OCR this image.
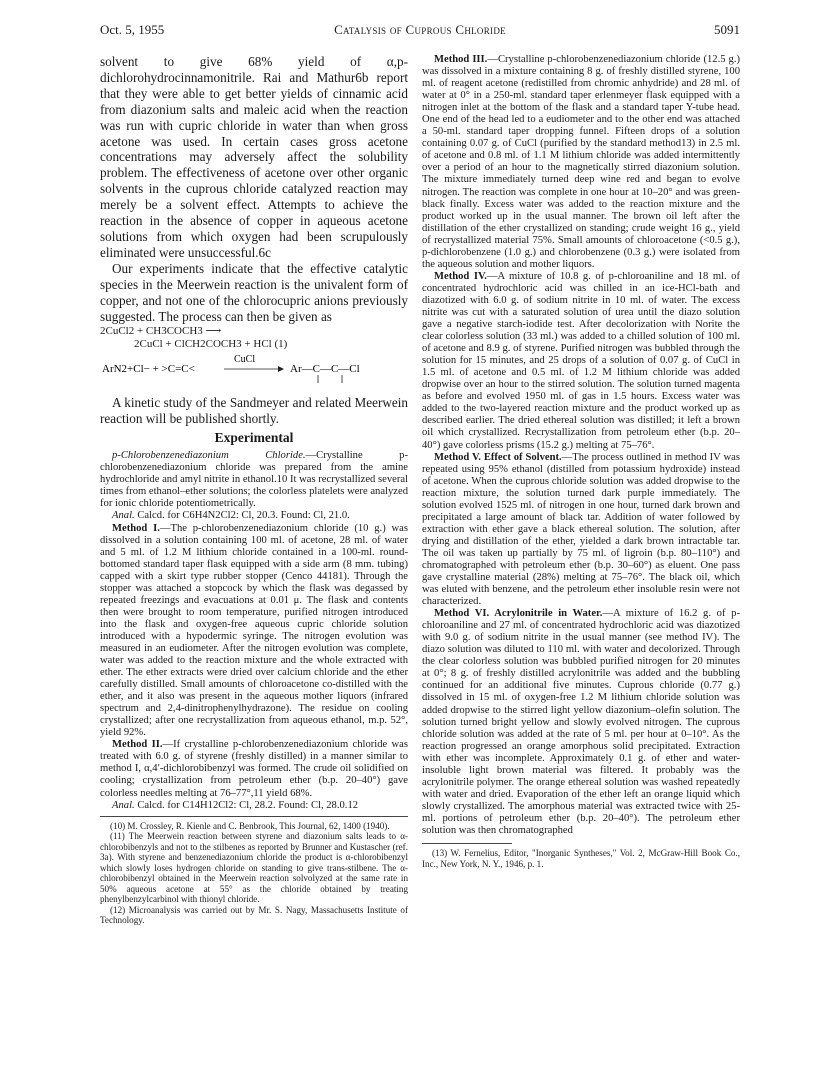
Oct. 5, 1955	Catalysis of Cuprous Chloride	5091

solvent to give 68% yield of α,p-dichlorohydrocinnamonitrile. Rai and Mathur6b report that they were able to get better yields of cinnamic acid from diazonium salts and maleic acid when the reaction was run with cupric chloride in water than when gross acetone was used. In certain cases gross acetone concentrations may adversely affect the solubility problem. The effectiveness of acetone over other organic solvents in the cuprous chloride catalyzed reaction may merely be a solvent effect. Attempts to achieve the reaction in the absence of copper in aqueous acetone solutions from which oxygen had been scrupulously eliminated were unsuccessful.6c

Our experiments indicate that the effective catalytic species in the Meerwein reaction is the univalent form of copper, and not one of the chlorocupric anions previously suggested. The process can then be given as

2CuCl2 + CH3COCH3 ⟶
2CuCl + ClCH2COCH3 + HCl (1)
ArN2+Cl− + >C=C<
CuCl
Ar—C—C—Cl

A kinetic study of the Sandmeyer and related Meerwein reaction will be published shortly.

Experimental

p-Chlorobenzenediazonium Chloride.—Crystalline p-chlorobenzenediazonium chloride was prepared from the amine hydrochloride and amyl nitrite in ethanol.10 It was recrystallized several times from ethanol–ether solutions; the colorless platelets were analyzed for ionic chloride potentiometrically.

Anal. Calcd. for C6H4N2Cl2: Cl, 20.3. Found: Cl, 21.0.

Method I.—The p-chlorobenzenediazonium chloride (10 g.) was dissolved in a solution containing 100 ml. of acetone, 28 ml. of water and 5 ml. of 1.2 M lithium chloride contained in a 100-ml. round-bottomed standard taper flask equipped with a side arm (8 mm. tubing) capped with a skirt type rubber stopper (Cenco 44181). Through the stopper was attached a stopcock by which the flask was degassed by repeated freezings and evacuations at 0.01 μ. The flask and contents then were brought to room temperature, purified nitrogen introduced into the flask and oxygen-free aqueous cupric chloride solution introduced with a hypodermic syringe. The nitrogen evolution was measured in an eudiometer. After the nitrogen evolution was complete, water was added to the reaction mixture and the whole extracted with ether. The ether extracts were dried over calcium chloride and the ether carefully distilled. Small amounts of chloroacetone co-distilled with the ether, and it also was present in the aqueous mother liquors (infrared spectrum and 2,4-dinitrophenylhydrazone). The residue on cooling crystallized; after one recrystallization from aqueous ethanol, m.p. 52°, yield 92%.

Method II.—If crystalline p-chlorobenzenediazonium chloride was treated with 6.0 g. of styrene (freshly distilled) in a manner similar to method I, α,4′-dichlorobibenzyl was formed. The crude oil solidified on cooling; crystallization from petroleum ether (b.p. 20–40°) gave colorless needles melting at 76–77°,11 yield 68%.

Anal. Calcd. for C14H12Cl2: Cl, 28.2. Found: Cl, 28.0.12

(10) M. Crossley, R. Kienle and C. Benbrook, This Journal, 62, 1400 (1940).

(11) The Meerwein reaction between styrene and diazonium salts leads to α-chlorobibenzyls and not to the stilbenes as reported by Brunner and Kustascher (ref. 3a). With styrene and benzenediazonium chloride the product is α-chlorobibenzyl which slowly loses hydrogen chloride on standing to give trans-stilbene. The α-chlorobibenzyl obtained in the Meerwein reaction solvolyzed at the same rate in 50% aqueous acetone at 55° as the chloride obtained by treating phenylbenzylcarbinol with thionyl chloride.

(12) Microanalysis was carried out by Mr. S. Nagy, Massachusetts Institute of Technology.

Method III.—Crystalline p-chlorobenzenediazonium chloride (12.5 g.) was dissolved in a mixture containing 8 g. of freshly distilled styrene, 100 ml. of reagent acetone (redistilled from chromic anhydride) and 28 ml. of water at 0° in a 250-ml. standard taper erlenmeyer flask equipped with a nitrogen inlet at the bottom of the flask and a standard taper Y-tube head. One end of the head led to a eudiometer and to the other end was attached a 50-ml. standard taper dropping funnel. Fifteen drops of a solution containing 0.07 g. of CuCl (purified by the standard method13) in 2.5 ml. of acetone and 0.8 ml. of 1.1 M lithium chloride was added intermittently over a period of an hour to the magnetically stirred diazonium solution. The mixture immediately turned deep wine red and began to evolve nitrogen. The reaction was complete in one hour at 10–20° and was green-black finally. Excess water was added to the reaction mixture and the product worked up in the usual manner. The brown oil left after the distillation of the ether crystallized on standing; crude weight 16 g., yield of recrystallized material 75%. Small amounts of chloroacetone (<0.5 g.), p-dichlorobenzene (1.0 g.) and chlorobenzene (0.3 g.) were isolated from the aqueous solution and mother liquors.

Method IV.—A mixture of 10.8 g. of p-chloroaniline and 18 ml. of concentrated hydrochloric acid was chilled in an ice-HCl-bath and diazotized with 6.0 g. of sodium nitrite in 10 ml. of water. The excess nitrite was cut with a saturated solution of urea until the diazo solution gave a negative starch-iodide test. After decolorization with Norite the clear colorless solution (33 ml.) was added to a chilled solution of 100 ml. of acetone and 8.9 g. of styrene. Purified nitrogen was bubbled through the solution for 15 minutes, and 25 drops of a solution of 0.07 g. of CuCl in 1.5 ml. of acetone and 0.5 ml. of 1.2 M lithium chloride was added dropwise over an hour to the stirred solution. The solution turned magenta as before and evolved 1950 ml. of gas in 1.5 hours. Excess water was added to the two-layered reaction mixture and the product worked up as described earlier. The dried ethereal solution was distilled; it left a brown oil which crystallized. Recrystallization from petroleum ether (b.p. 20–40°) gave colorless prisms (15.2 g.) melting at 75–76°.

Method V. Effect of Solvent.—The process outlined in method IV was repeated using 95% ethanol (distilled from potassium hydroxide) instead of acetone. When the cuprous chloride solution was added dropwise to the reaction mixture, the solution turned dark purple immediately. The solution evolved 1525 ml. of nitrogen in one hour, turned dark brown and precipitated a large amount of black tar. Addition of water followed by extraction with ether gave a black ethereal solution. The solution, after drying and distillation of the ether, yielded a dark brown intractable tar. The oil was taken up partially by 75 ml. of ligroin (b.p. 80–110°) and chromatographed with petroleum ether (b.p. 30–60°) as eluent. One pass gave crystalline material (28%) melting at 75–76°. The black oil, which was eluted with benzene, and the petroleum ether insoluble resin were not characterized.

Method VI. Acrylonitrile in Water.—A mixture of 16.2 g. of p-chloroaniline and 27 ml. of concentrated hydrochloric acid was diazotized with 9.0 g. of sodium nitrite in the usual manner (see method IV). The diazo solution was diluted to 110 ml. with water and decolorized. Through the clear colorless solution was bubbled purified nitrogen for 20 minutes at 0°; 8 g. of freshly distilled acrylonitrile was added and the bubbling continued for an additional five minutes. Cuprous chloride (0.77 g.) dissolved in 15 ml. of oxygen-free 1.2 M lithium chloride solution was added dropwise to the stirred light yellow diazonium–olefin solution. The solution turned bright yellow and slowly evolved nitrogen. The cuprous chloride solution was added at the rate of 5 ml. per hour at 0–10°. As the reaction progressed an orange amorphous solid precipitated. Extraction with ether was incomplete. Approximately 0.1 g. of ether and water-insoluble light brown material was filtered. It probably was the acrylonitrile polymer. The orange ethereal solution was washed repeatedly with water and dried. Evaporation of the ether left an orange liquid which slowly crystallized. The amorphous material was extracted twice with 25-ml. portions of petroleum ether (b.p. 20–40°). The petroleum ether solution was then chromatographed

(13) W. Fernelius, Editor, "Inorganic Syntheses," Vol. 2, McGraw-Hill Book Co., Inc., New York, N. Y., 1946, p. 1.
